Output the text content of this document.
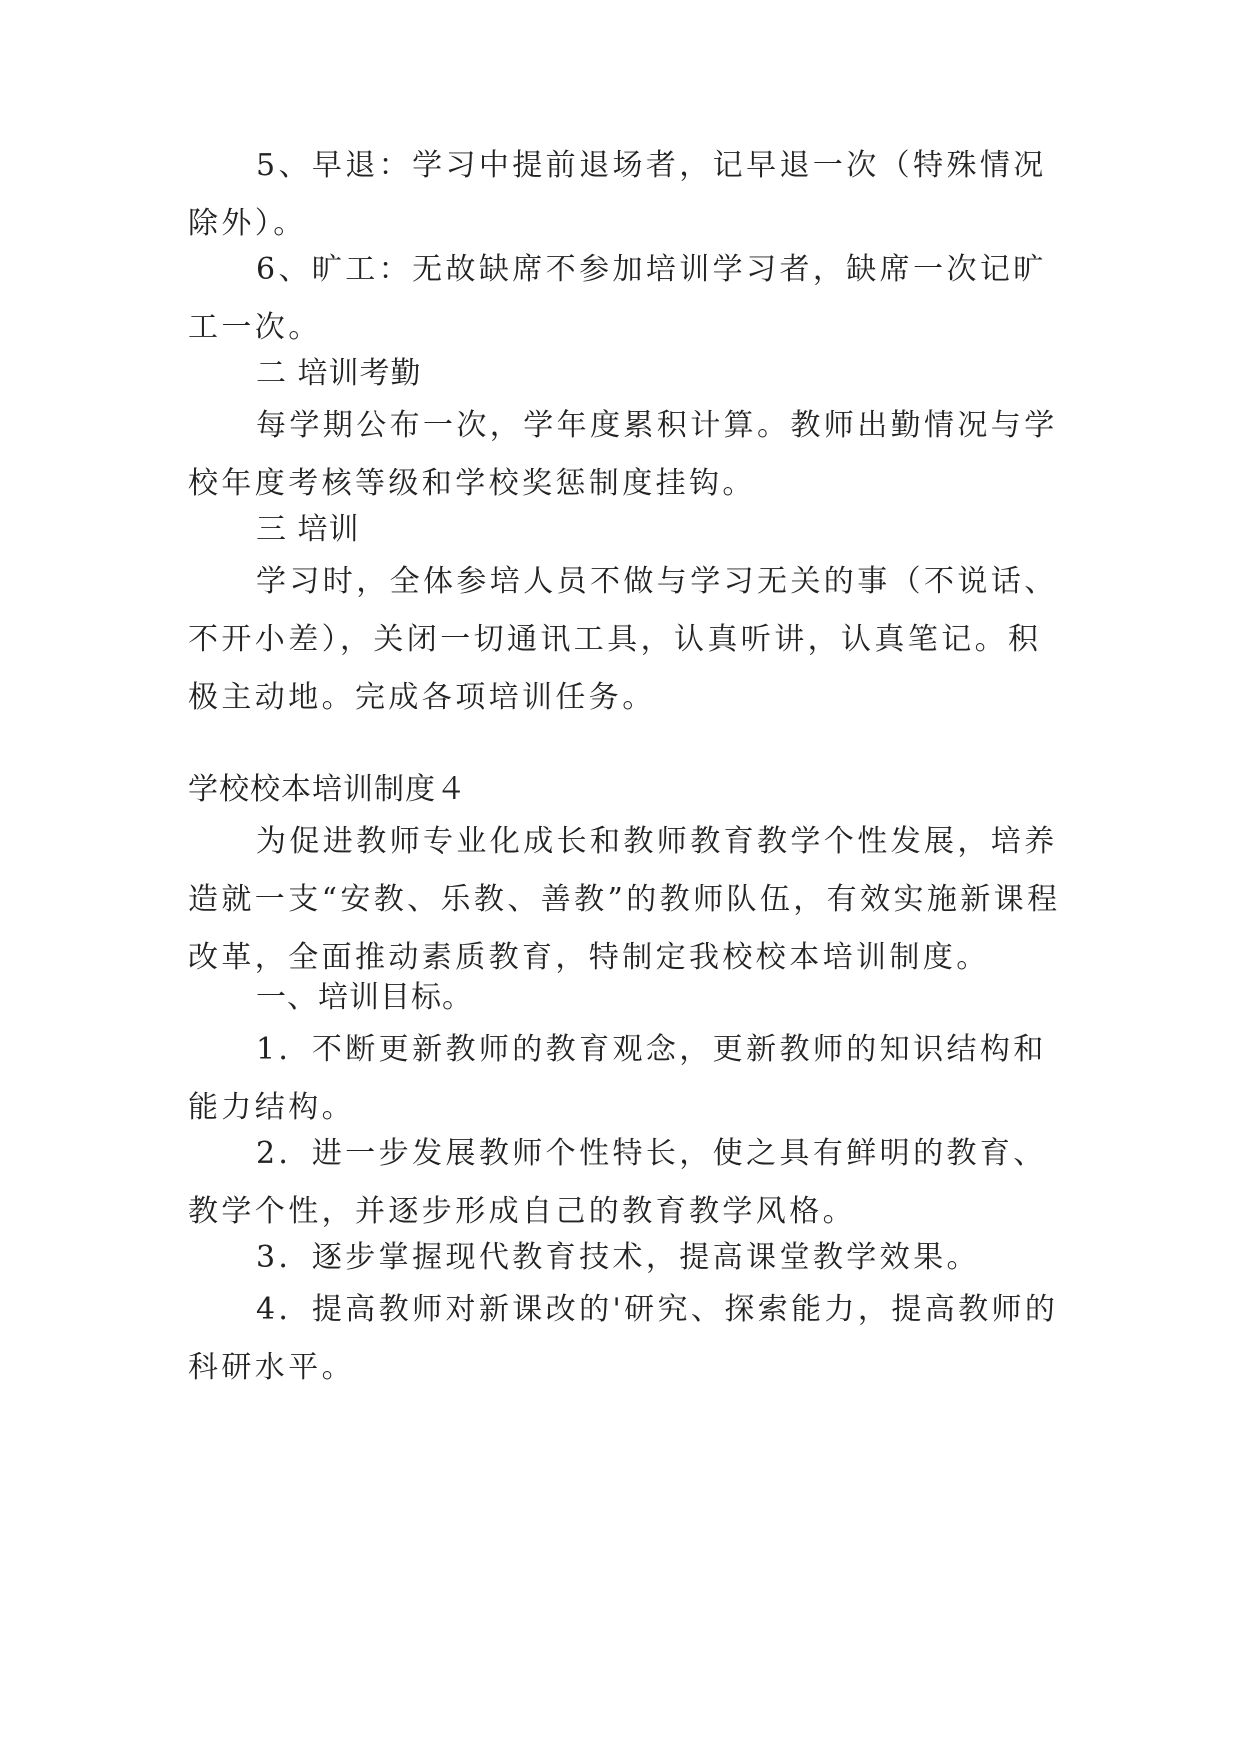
5、早退：学习中提前退场者，记早退一次（特殊情况除外）。

6、旷工：无故缺席不参加培训学习者，缺席一次记旷工一次。

二 培训考勤

每学期公布一次，学年度累积计算。教师出勤情况与学校年度考核等级和学校奖惩制度挂钩。

三 培训

学习时，全体参培人员不做与学习无关的事（不说话、不开小差），关闭一切通讯工具，认真听讲，认真笔记。积极主动地。完成各项培训任务。

学校校本培训制度４

为促进教师专业化成长和教师教育教学个性发展，培养造就一支“安教、乐教、善教”的教师队伍，有效实施新课程改革，全面推动素质教育，特制定我校校本培训制度。

一、培训目标。

1．不断更新教师的教育观念，更新教师的知识结构和能力结构。

2．进一步发展教师个性特长，使之具有鲜明的教育、教学个性，并逐步形成自己的教育教学风格。

3．逐步掌握现代教育技术，提高课堂教学效果。

4．提高教师对新课改的'研究、探索能力，提高教师的科研水平。
